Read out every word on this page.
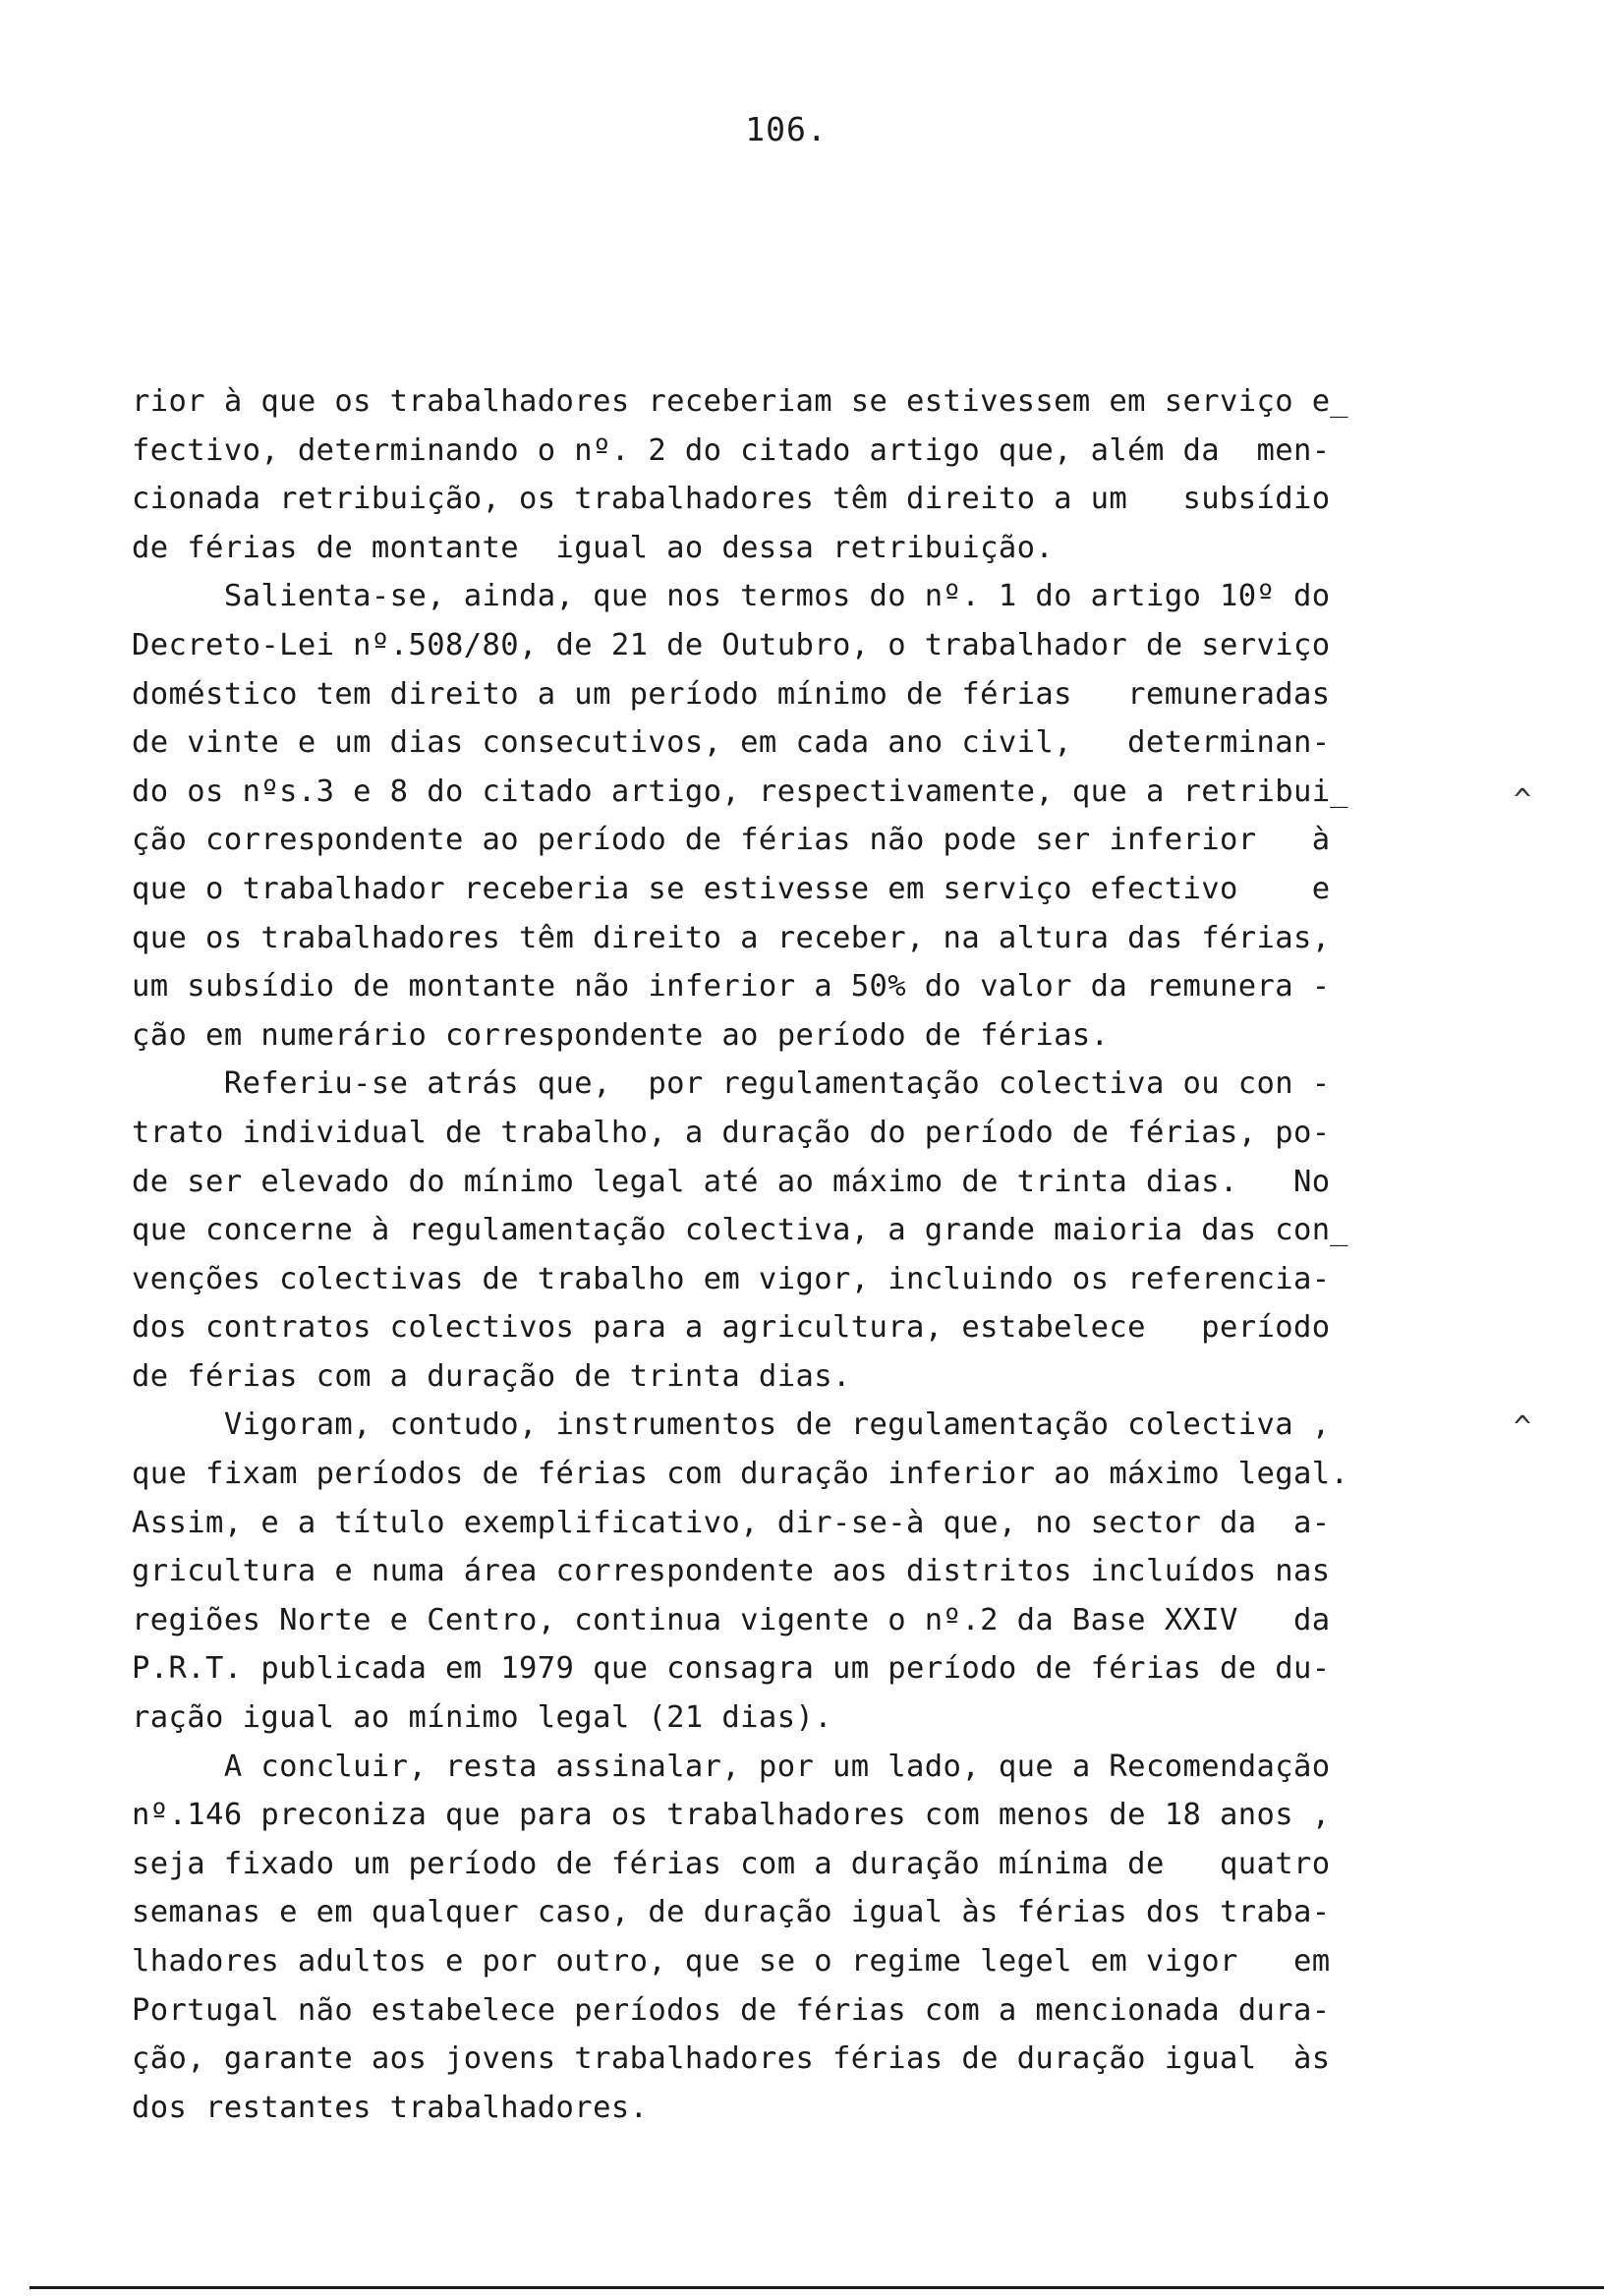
106.
rior à que os trabalhadores receberiam se estivessem em serviço e̲
fectivo, determinando o nº. 2 do citado artigo que, além da  men-
cionada retribuição, os trabalhadores têm direito a um   subsídio
de férias de montante  igual ao dessa retribuição.
Salienta-se, ainda, que nos termos do nº. 1 do artigo 10º do
Decreto-Lei nº.508/80, de 21 de Outubro, o trabalhador de serviço
doméstico tem direito a um período mínimo de férias   remuneradas
de vinte e um dias consecutivos, em cada ano civil,   determinan-
do os nºs.3 e 8 do citado artigo, respectivamente, que a retribui̲
ção correspondente ao período de férias não pode ser inferior   à
que o trabalhador receberia se estivesse em serviço efectivo    e
que os trabalhadores têm direito a receber, na altura das férias,
um subsídio de montante não inferior a 50% do valor da remunera -
ção em numerário correspondente ao período de férias.
Referiu-se atrás que,  por regulamentação colectiva ou con -
trato individual de trabalho, a duração do período de férias, po-
de ser elevado do mínimo legal até ao máximo de trinta dias.   No
que concerne à regulamentação colectiva, a grande maioria das con̲
venções colectivas de trabalho em vigor, incluindo os referencia-
dos contratos colectivos para a agricultura, estabelece   período
de férias com a duração de trinta dias.
Vigoram, contudo, instrumentos de regulamentação colectiva ,
que fixam períodos de férias com duração inferior ao máximo legal.
Assim, e a título exemplificativo, dir-se-à que, no sector da  a-
gricultura e numa área correspondente aos distritos incluídos nas
regiões Norte e Centro, continua vigente o nº.2 da Base XXIV   da
P.R.T. publicada em 1979 que consagra um período de férias de du-
ração igual ao mínimo legal (21 dias).
A concluir, resta assinalar, por um lado, que a Recomendação
nº.146 preconiza que para os trabalhadores com menos de 18 anos ,
seja fixado um período de férias com a duração mínima de   quatro
semanas e em qualquer caso, de duração igual às férias dos traba-
lhadores adultos e por outro, que se o regime legel em vigor   em
Portugal não estabelece períodos de férias com a mencionada dura-
ção, garante aos jovens trabalhadores férias de duração igual  às
dos restantes trabalhadores.
^
^
